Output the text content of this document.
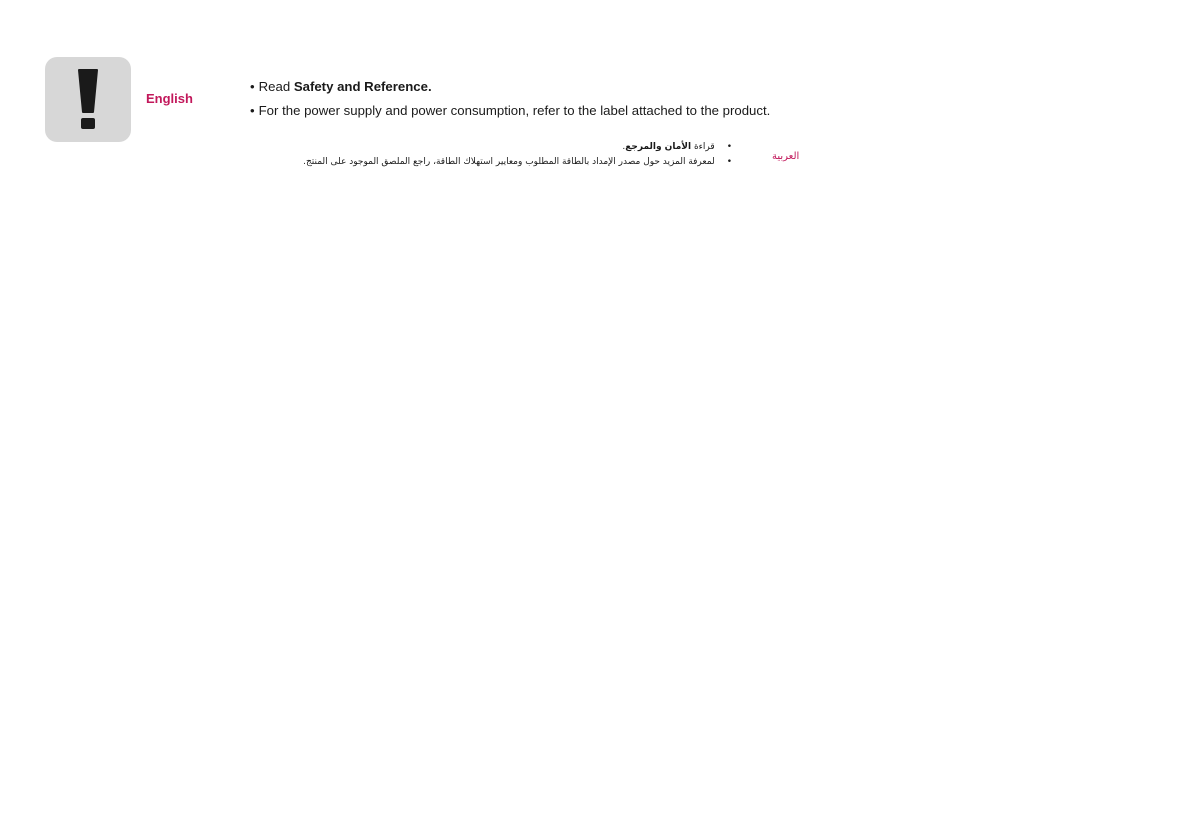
English
• Read Safety and Reference.
• For the power supply and power consumption, refer to the label attached to the product.
•قراءة الأمان والمرجع.
•لمعرفة المزيد حول مصدر الإمداد بالطاقة المطلوب ومعايير استهلاك الطاقة، راجع الملصق الموجود على المنتج.	العربية
